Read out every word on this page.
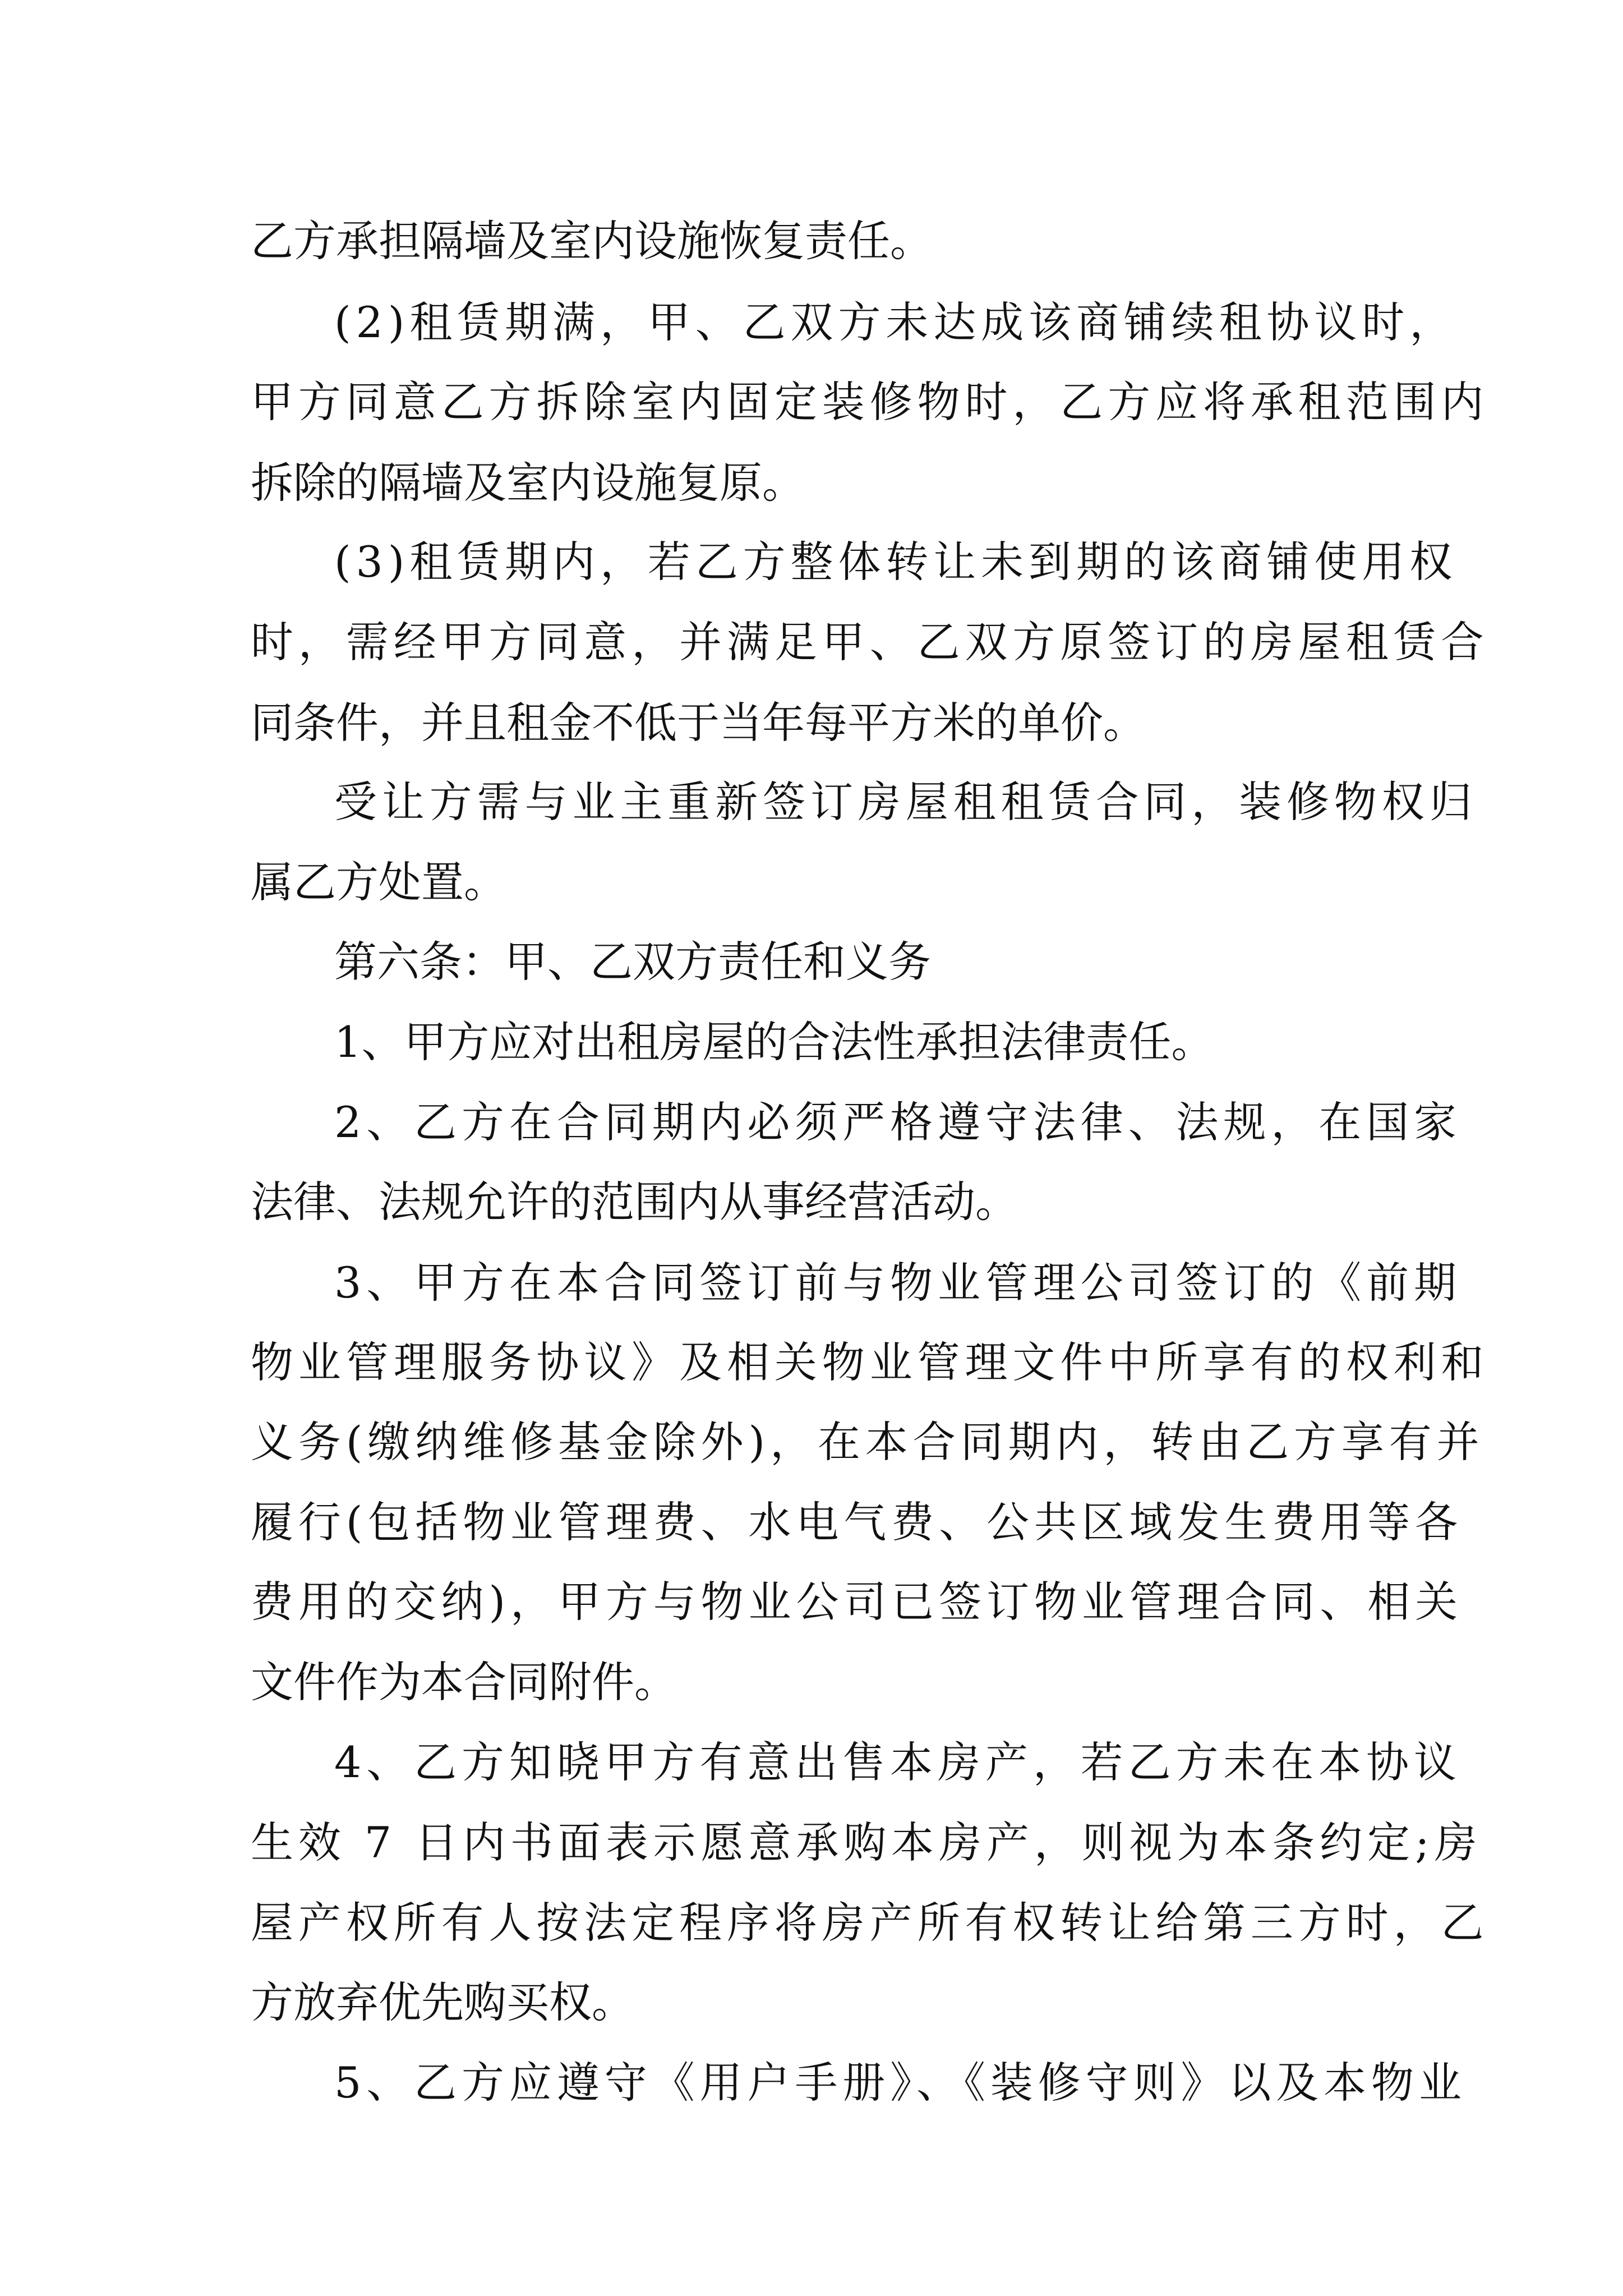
乙方承担隔墙及室内设施恢复责任。
(2)租赁期满，甲、乙双方未达成该商铺续租协议时，
甲方同意乙方拆除室内固定装修物时，乙方应将承租范围内
拆除的隔墙及室内设施复原。
(3)租赁期内，若乙方整体转让未到期的该商铺使用权
时，需经甲方同意，并满足甲、乙双方原签订的房屋租赁合
同条件，并且租金不低于当年每平方米的单价。
受让方需与业主重新签订房屋租租赁合同，装修物权归
属乙方处置。
第六条：甲、乙双方责任和义务
1、甲方应对出租房屋的合法性承担法律责任。
2、乙方在合同期内必须严格遵守法律、法规，在国家
法律、法规允许的范围内从事经营活动。
3、甲方在本合同签订前与物业管理公司签订的《前期
物业管理服务协议》及相关物业管理文件中所享有的权利和
义务(缴纳维修基金除外)，在本合同期内，转由乙方享有并
履行(包括物业管理费、水电气费、公共区域发生费用等各
费用的交纳)，甲方与物业公司已签订物业管理合同、相关
文件作为本合同附件。
4、乙方知晓甲方有意出售本房产，若乙方未在本协议
生效 7 日内书面表示愿意承购本房产，则视为本条约定;房
屋产权所有人按法定程序将房产所有权转让给第三方时，乙
方放弃优先购买权。
5、乙方应遵守《用户手册》、《装修守则》以及本物业
